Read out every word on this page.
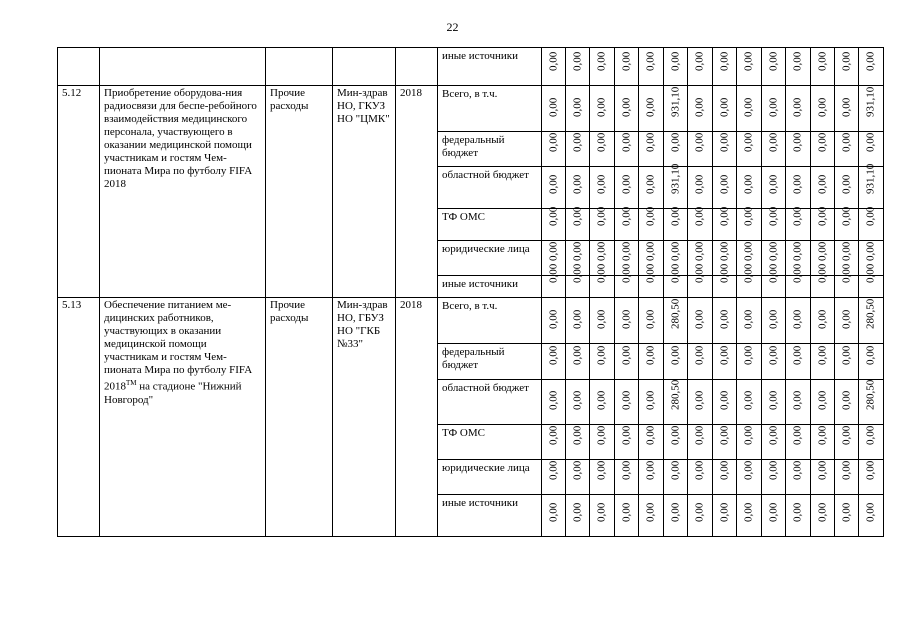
22
					иные источники	0,00	0,00	0,00	0,00	0,00	0,00	0,00	0,00	0,00	0,00	0,00	0,00	0,00	0,00

5.12	Приобретение оборудова-ния радиосвязи для беспе-ребойного взаимодействия медицинского персонала, участвующего в оказании медицинской помощи участникам и гостям Чем-пионата Мира по футболу FIFA 2018	Прочие расходы	Мин-здрав НО, ГКУЗ НО "ЦМК"	2018	Всего, в т.ч.	0,00	0,00	0,00	0,00	0,00	931,10	0,00	0,00	0,00	0,00	0,00	0,00	0,00	931,10

					федеральный бюджет	0,00	0,00	0,00	0,00	0,00	0,00	0,00	0,00	0,00	0,00	0,00	0,00	0,00	0,00

					областной бюджет	0,00	0,00	0,00	0,00	0,00	931,10	0,00	0,00	0,00	0,00	0,00	0,00	0,00	931,10

					ТФ ОМС	0,00	0,00	0,00	0,00	0,00	0,00	0,00	0,00	0,00	0,00	0,00	0,00	0,00	0,00

					юридические лица	0,00	0,00	0,00	0,00	0,00	0,00	0,00	0,00	0,00	0,00	0,00	0,00	0,00	0,00

					иные источники	0,00	0,00	0,00	0,00	0,00	0,00	0,00	0,00	0,00	0,00	0,00	0,00	0,00	0,00

5.13	Обеспечение питанием ме-дицинских работников, участвующих в оказании медицинской помощи участникам и гостям Чем-пионата Мира по футболу FIFA 2018™ на стадионе "Нижний Новгород"	Прочие расходы	Мин-здрав НО, ГБУЗ НО "ГКБ №33"	2018	Всего, в т.ч.	0,00	0,00	0,00	0,00	0,00	280,50	0,00	0,00	0,00	0,00	0,00	0,00	0,00	280,50

					федеральный бюджет	0,00	0,00	0,00	0,00	0,00	0,00	0,00	0,00	0,00	0,00	0,00	0,00	0,00	0,00

					областной бюджет	0,00	0,00	0,00	0,00	0,00	280,50	0,00	0,00	0,00	0,00	0,00	0,00	0,00	280,50

					ТФ ОМС	0,00	0,00	0,00	0,00	0,00	0,00	0,00	0,00	0,00	0,00	0,00	0,00	0,00	0,00

					юридические лица	0,00	0,00	0,00	0,00	0,00	0,00	0,00	0,00	0,00	0,00	0,00	0,00	0,00	0,00

					иные источники	0,00	0,00	0,00	0,00	0,00	0,00	0,00	0,00	0,00	0,00	0,00	0,00	0,00	0,00
